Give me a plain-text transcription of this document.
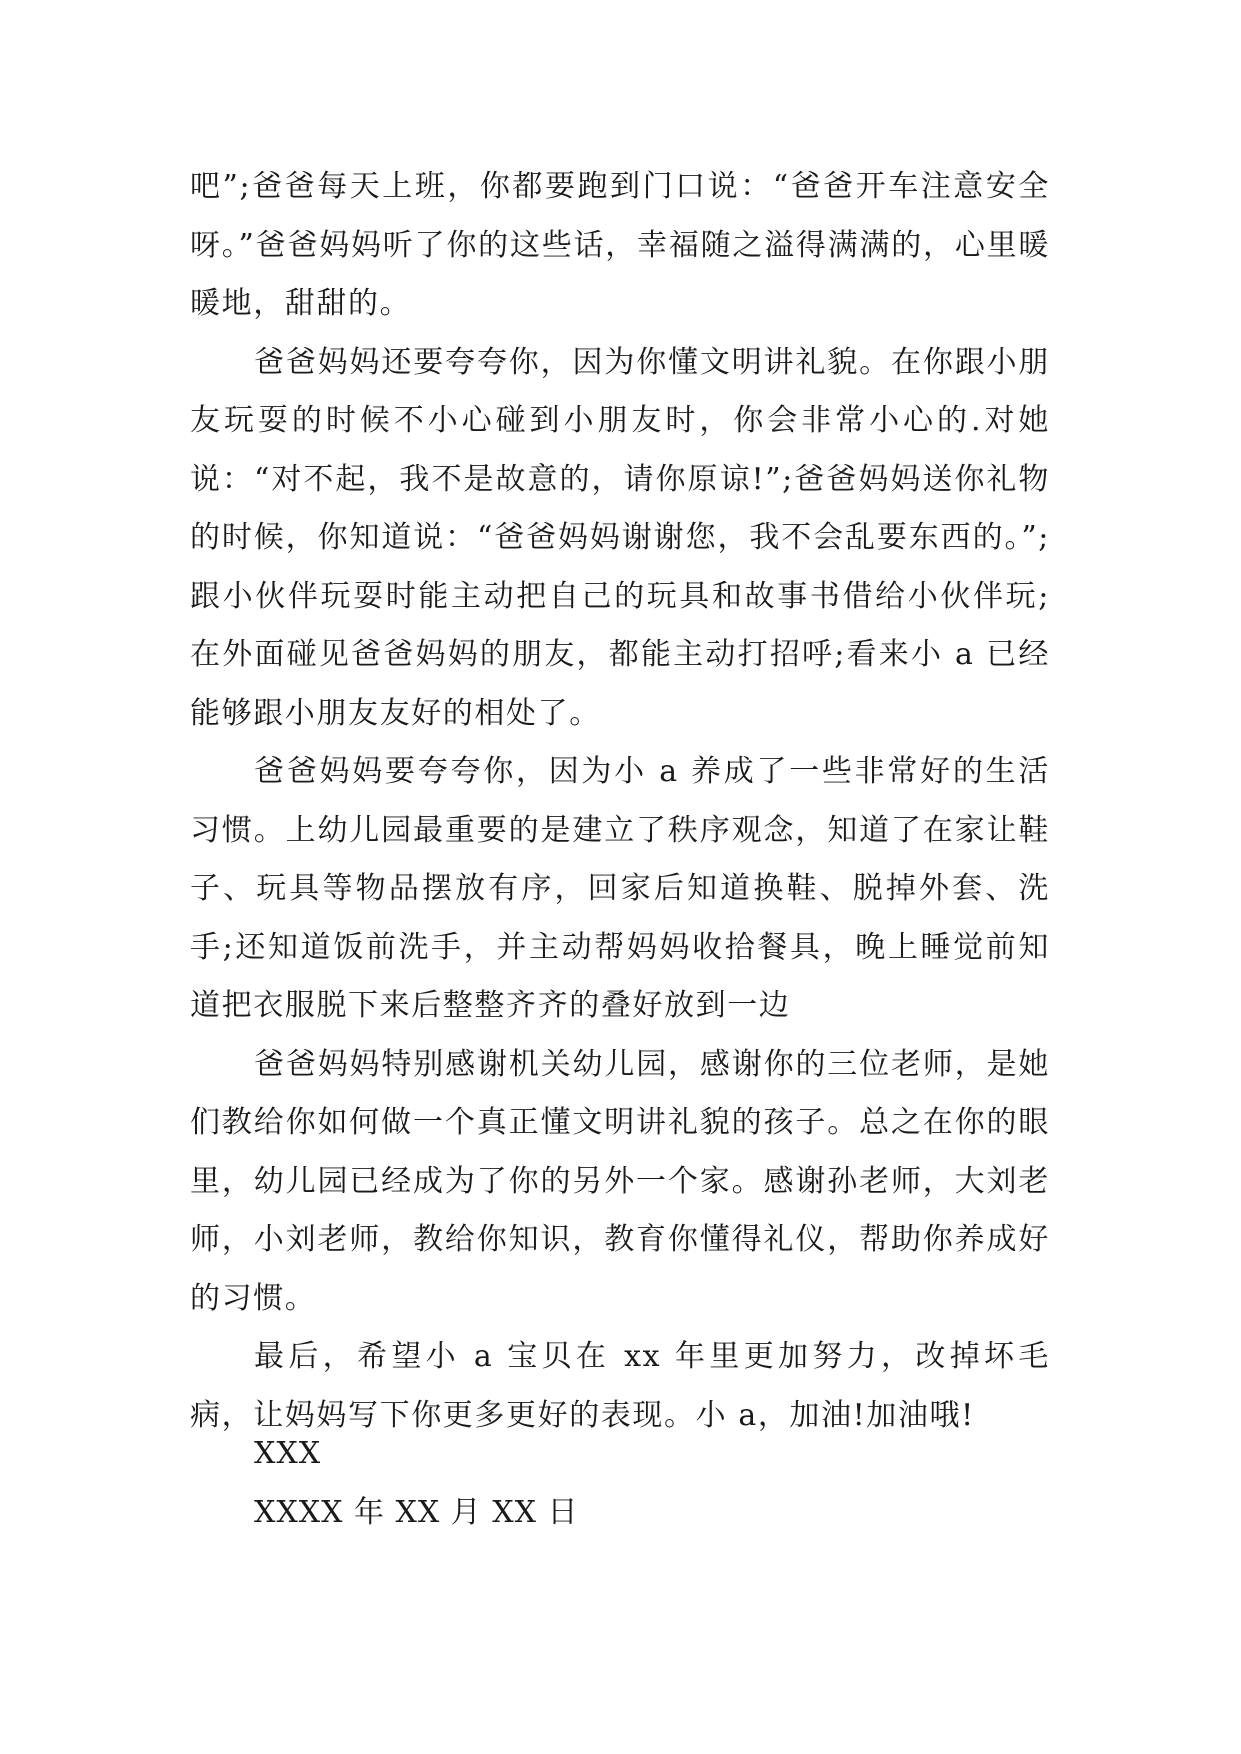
吧”;爸爸每天上班，你都要跑到门口说：“爸爸开车注意安全呀。”爸爸妈妈听了你的这些话，幸福随之溢得满满的，心里暖暖地，甜甜的。

爸爸妈妈还要夸夸你，因为你懂文明讲礼貌。在你跟小朋友玩耍的时候不小心碰到小朋友时，你会非常小心的.对她说：“对不起，我不是故意的，请你原谅!”;爸爸妈妈送你礼物的时候，你知道说：“爸爸妈妈谢谢您，我不会乱要东西的。”;跟小伙伴玩耍时能主动把自己的玩具和故事书借给小伙伴玩;在外面碰见爸爸妈妈的朋友，都能主动打招呼;看来小 a 已经能够跟小朋友友好的相处了。

爸爸妈妈要夸夸你，因为小 a 养成了一些非常好的生活习惯。上幼儿园最重要的是建立了秩序观念，知道了在家让鞋子、玩具等物品摆放有序，回家后知道换鞋、脱掉外套、洗手;还知道饭前洗手，并主动帮妈妈收拾餐具，晚上睡觉前知道把衣服脱下来后整整齐齐的叠好放到一边

爸爸妈妈特别感谢机关幼儿园，感谢你的三位老师，是她们教给你如何做一个真正懂文明讲礼貌的孩子。总之在你的眼里，幼儿园已经成为了你的另外一个家。感谢孙老师，大刘老师，小刘老师，教给你知识，教育你懂得礼仪，帮助你养成好的习惯。

最后，希望小 a 宝贝在 xx 年里更加努力，改掉坏毛病，让妈妈写下你更多更好的表现。小 a，加油!加油哦!

XXX

XXXX 年 XX 月 XX 日
